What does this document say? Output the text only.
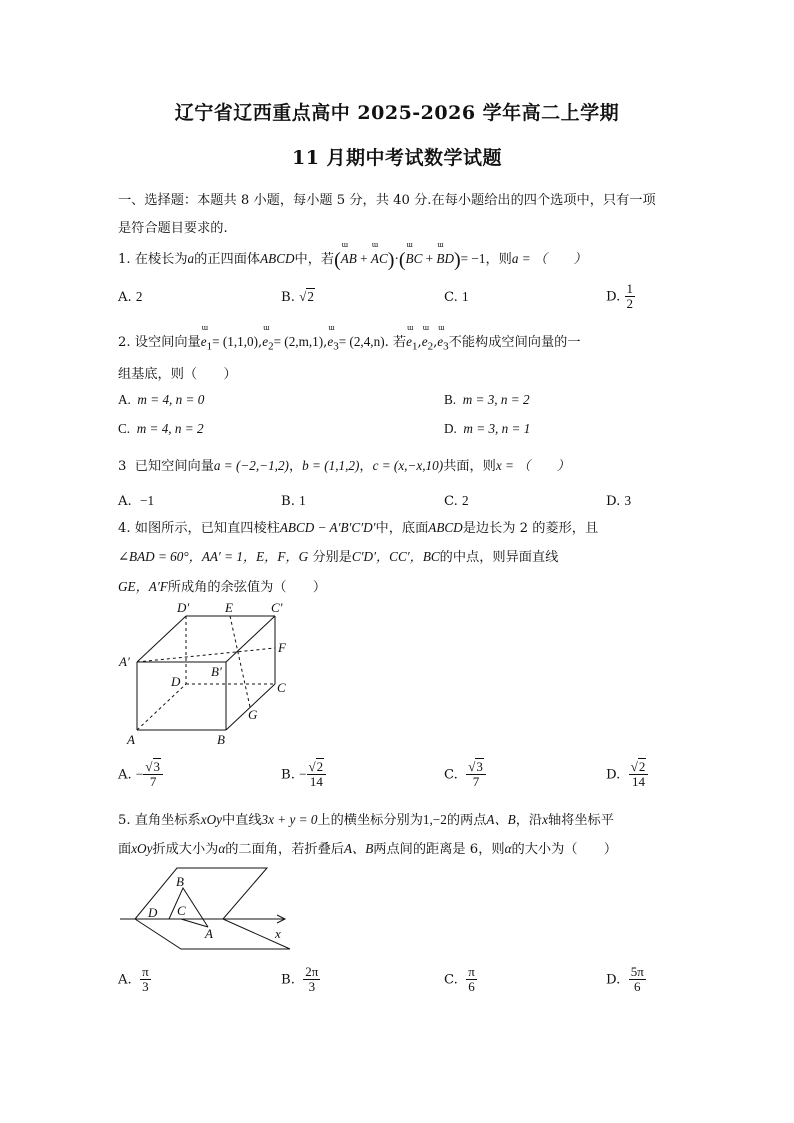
辽宁省辽西重点高中 2025-2026 学年高二上学期
11 月期中考试数学试题
一、选择题：本题共 8 小题，每小题 5 分，共 40 分.在每小题给出的四个选项中，只有一项
是符合题目要求的.
1. 在棱长为a的正四面体ABCD中，若(ɯ AB + ɯ AC)·(ɯ BC + ɯ BD)= −1，则a = （　　）
A. 2	B. √2	C. 1	D. $\frac{1}{2}$
2. 设空间向量ɯ $e_1=$ (1,1,0),ɯ $e_2=$ (2,m,1),ɯ $e_3= (2,4,n)$. 若ɯ $e_1,ɯ$ $e_2,ɯ$ $e_3$不能构成空间向量的一
组基底，则（　　）
A. m = 4, n = 0	B. m = 3, n = 2
C. m = 4, n = 2	D. m = 3, n = 1
3 已知空间向量a = (−2,−1,2)，b = (1,1,2)，c = (x,−x,10)共面，则x = （　　）
A. −1	B. 1	C. 2	D. 3
4. 如图所示，已知直四棱柱ABCD − A′B′C′D′中，底面ABCD是边长为 2 的菱形，且
∠BAD = 60°，AA′ = 1，E，F，G 分别是C′D′，CC′，BC的中点，则异面直线
GE，A′F所成角的余弦值为（　　）
D′	E	C′
F
A′
B′
D	C
G
A	B
A. − $\frac{√3}{7}$	B. − $\frac{√2}{14}$	C. $\frac{√3}{7}$	D. $\frac{√2}{14}$
5. 直角坐标系xOy中直线3x + y = 0上的横坐标分别为1,−2的两点A、B，沿x轴将坐标平
面xOy折成大小为α的二面角，若折叠后A、B两点间的距离是 6，则α的大小为（　　）
B
D C
A	x
A. $\frac{\pi}{3}$	B. $\frac{2\pi}{3}$	C. $\frac{\pi}{6}$	D. $\frac{5\pi}{6}$
